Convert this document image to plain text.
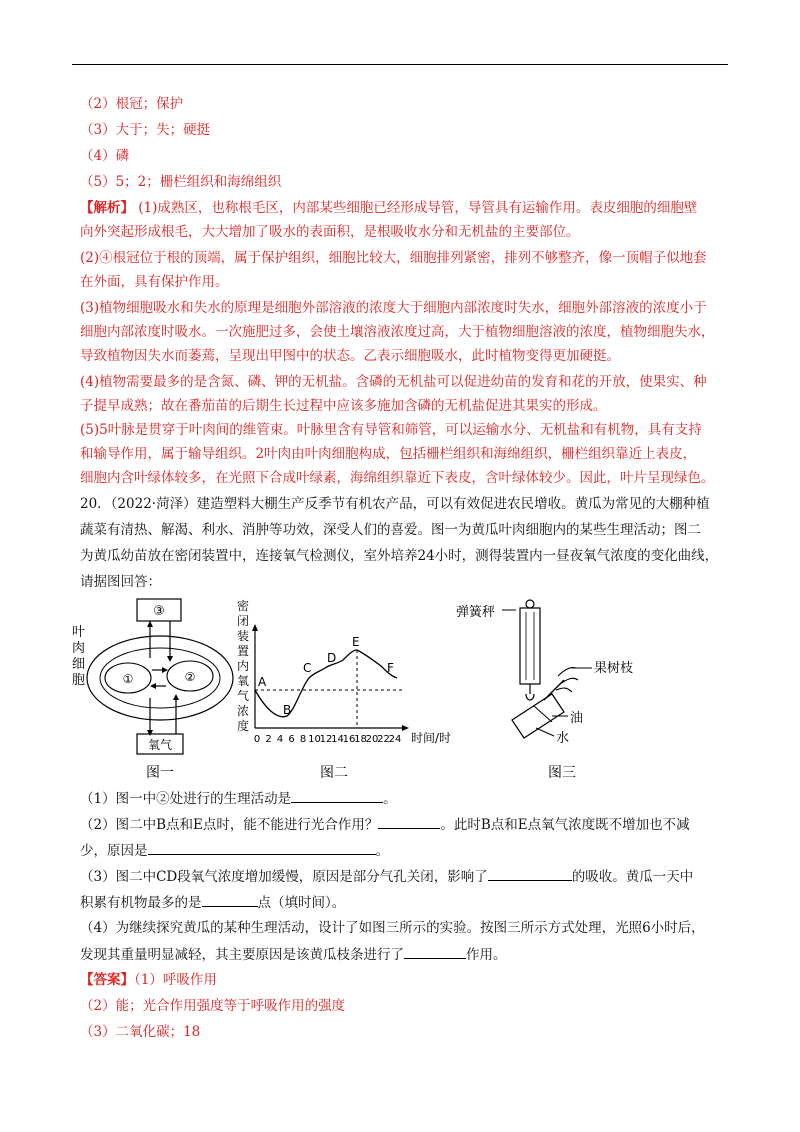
（2）根冠；保护
（3）大于；失；硬挺
（4）磷
（5）5；2；栅栏组织和海绵组织
【解析】 (1)成熟区，也称根毛区，内部某些细胞已经形成导管，导管具有运输作用。表皮细胞的细胞壁
向外突起形成根毛，大大增加了吸水的表面积，是根吸收水分和无机盐的主要部位。
(2)④根冠位于根的顶端，属于保护组织，细胞比较大，细胞排列紧密，排列不够整齐，像一顶帽子似地套
在外面，具有保护作用。
(3)植物细胞吸水和失水的原理是细胞外部溶液的浓度大于细胞内部浓度时失水，细胞外部溶液的浓度小于
细胞内部浓度时吸水。一次施肥过多，会使土壤溶液浓度过高，大于植物细胞溶液的浓度，植物细胞失水，
导致植物因失水而萎蔫，呈现出甲图中的状态。乙表示细胞吸水，此时植物变得更加硬挺。
(4)植物需要最多的是含氮、磷、钾的无机盐。含磷的无机盐可以促进幼苗的发育和花的开放，使果实、种
子提早成熟；故在番茄苗的后期生长过程中应该多施加含磷的无机盐促进其果实的形成。
(5)5叶脉是贯穿于叶肉间的维管束。叶脉里含有导管和筛管，可以运输水分、无机盐和有机物，具有支持
和输导作用，属于输导组织。2叶肉由叶肉细胞构成，包括栅栏组织和海绵组织，栅栏组织靠近上表皮，
细胞内含叶绿体较多，在光照下合成叶绿素，海绵组织靠近下表皮，含叶绿体较少。因此，叶片呈现绿色。
20．（2022·菏泽）建造塑料大棚生产反季节有机农产品，可以有效促进农民增收。黄瓜为常见的大棚种植
蔬菜有清热、解渴、利水、消肿等功效，深受人们的喜爱。图一为黄瓜叶肉细胞内的某些生理活动；图二
为黄瓜幼苗放在密闭装置中，连接氧气检测仪，室外培养24小时，测得装置内一昼夜氧气浓度的变化曲线，
请据图回答：
③
①	②
氧气
叶
肉
细
胞
图一
密
闭
装
置
内
氧
气
浓
度
A
B
C
D
E
F
0 2 4 6 8 10
12
14
16
18
20
22
24 时间/时
图二
弹簧秤
果树枝
油
水
图三
（1）图一中②处进行的生理活动是	。
（2）图二中B点和E点时，能不能进行光合作用？	。此时B点和E点氧气浓度既不增加也不减
少，原因是	。
（3）图二中CD段氧气浓度增加缓慢，原因是部分气孔关闭，影响了	的吸收。黄瓜一天中
积累有机物最多的是	点（填时间）。
（4）为继续探究黄瓜的某种生理活动，设计了如图三所示的实验。按图三所示方式处理，光照6小时后，
发现其重量明显减轻，其主要原因是该黄瓜枝条进行了	作用。
【答案】（1）呼吸作用
（2）能；光合作用强度等于呼吸作用的强度
（3）二氧化碳；18
